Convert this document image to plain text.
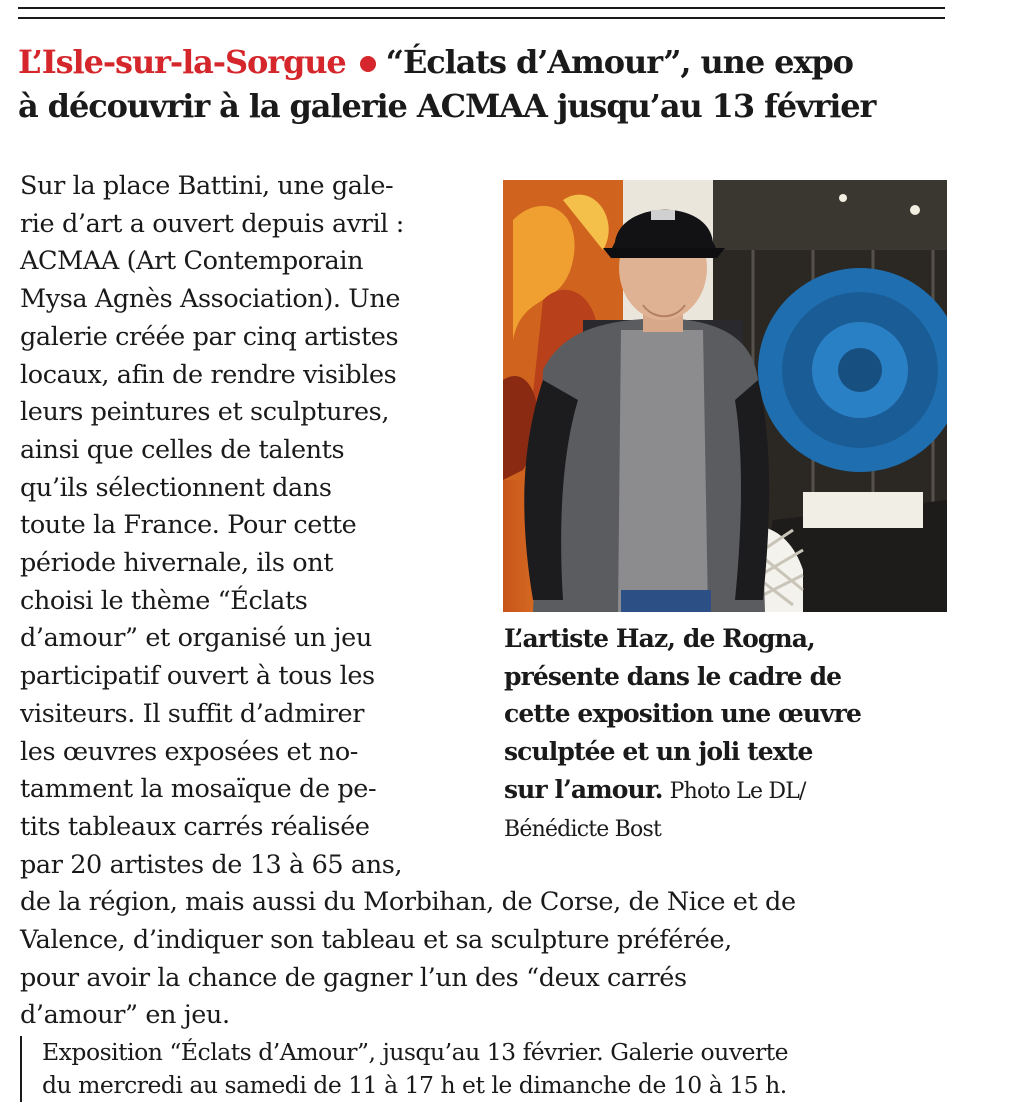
L’Isle-sur-la-Sorgue “Éclats d’Amour”, une expo
à découvrir à la galerie ACMAA jusqu’au 13 février
Sur la place Battini, une gale-
rie d’art a ouvert depuis avril :
ACMAA (Art Contemporain
Mysa Agnès Association). Une
galerie créée par cinq artistes
locaux, afin de rendre visibles
leurs peintures et sculptures,
ainsi que celles de talents
qu’ils sélectionnent dans
toute la France. Pour cette
période hivernale, ils ont
choisi le thème “Éclats
d’amour” et organisé un jeu
participatif ouvert à tous les
visiteurs. Il suffit d’admirer
les œuvres exposées et no-
tamment la mosaïque de pe-
tits tableaux carrés réalisée
par 20 artistes de 13 à 65 ans,
de la région, mais aussi du Morbihan, de Corse, de Nice et de
Valence, d’indiquer son tableau et sa sculpture préférée,
pour avoir la chance de gagner l’un des “deux carrés
d’amour” en jeu.
L’artiste Haz, de Rogna,
présente dans le cadre de
cette exposition une œuvre
sculptée et un joli texte
sur l’amour. Photo Le DL/
Bénédicte Bost
Exposition “Éclats d’Amour”, jusqu’au 13 février. Galerie ouverte
du mercredi au samedi de 11 à 17 h et le dimanche de 10 à 15 h.
